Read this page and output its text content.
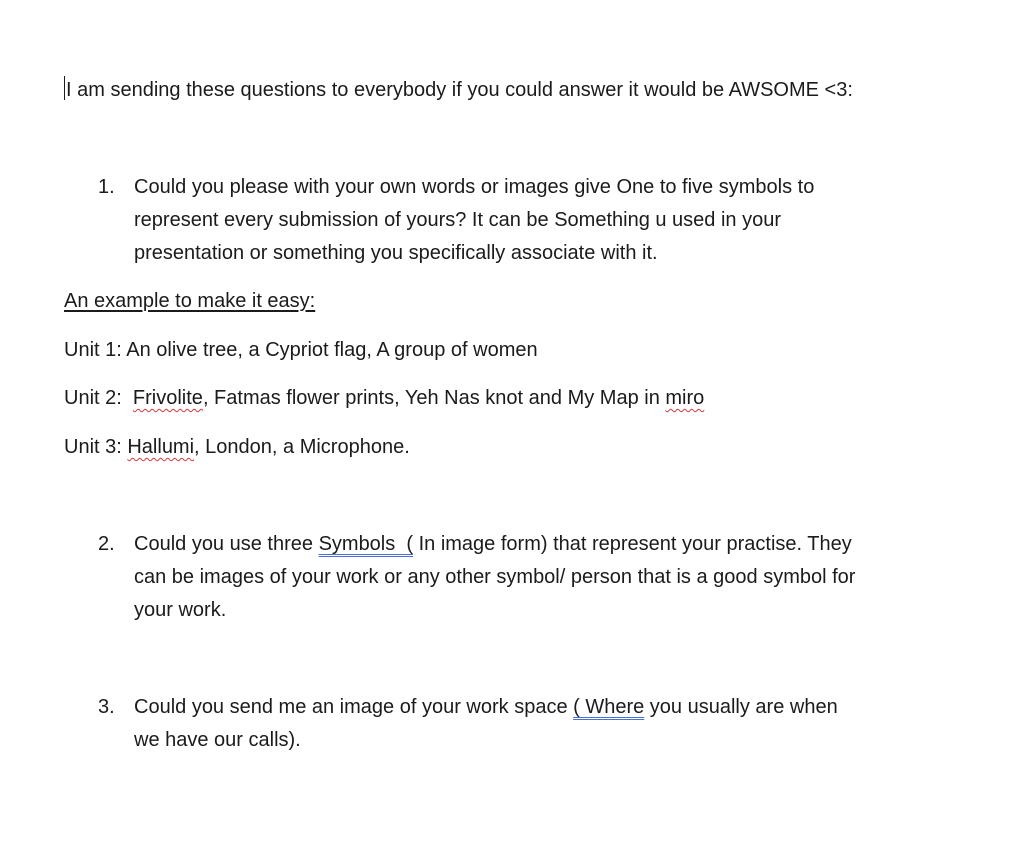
I am sending these questions to everybody if you could answer it would be AWSOME <3:
1. Could you please with your own words or images give One to five symbols to
represent every submission of yours? It can be Something u used in your
presentation or something you specifically associate with it.
An example to make it easy:
Unit 1: An olive tree, a Cypriot flag, A group of women
Unit 2:  Frivolite, Fatmas flower prints, Yeh Nas knot and My Map in miro
Unit 3: Hallumi, London, a Microphone.
2. Could you use three Symbols  ( In image form) that represent your practise. They
can be images of your work or any other symbol/ person that is a good symbol for
your work.
3. Could you send me an image of your work space ( Where you usually are when
we have our calls).
